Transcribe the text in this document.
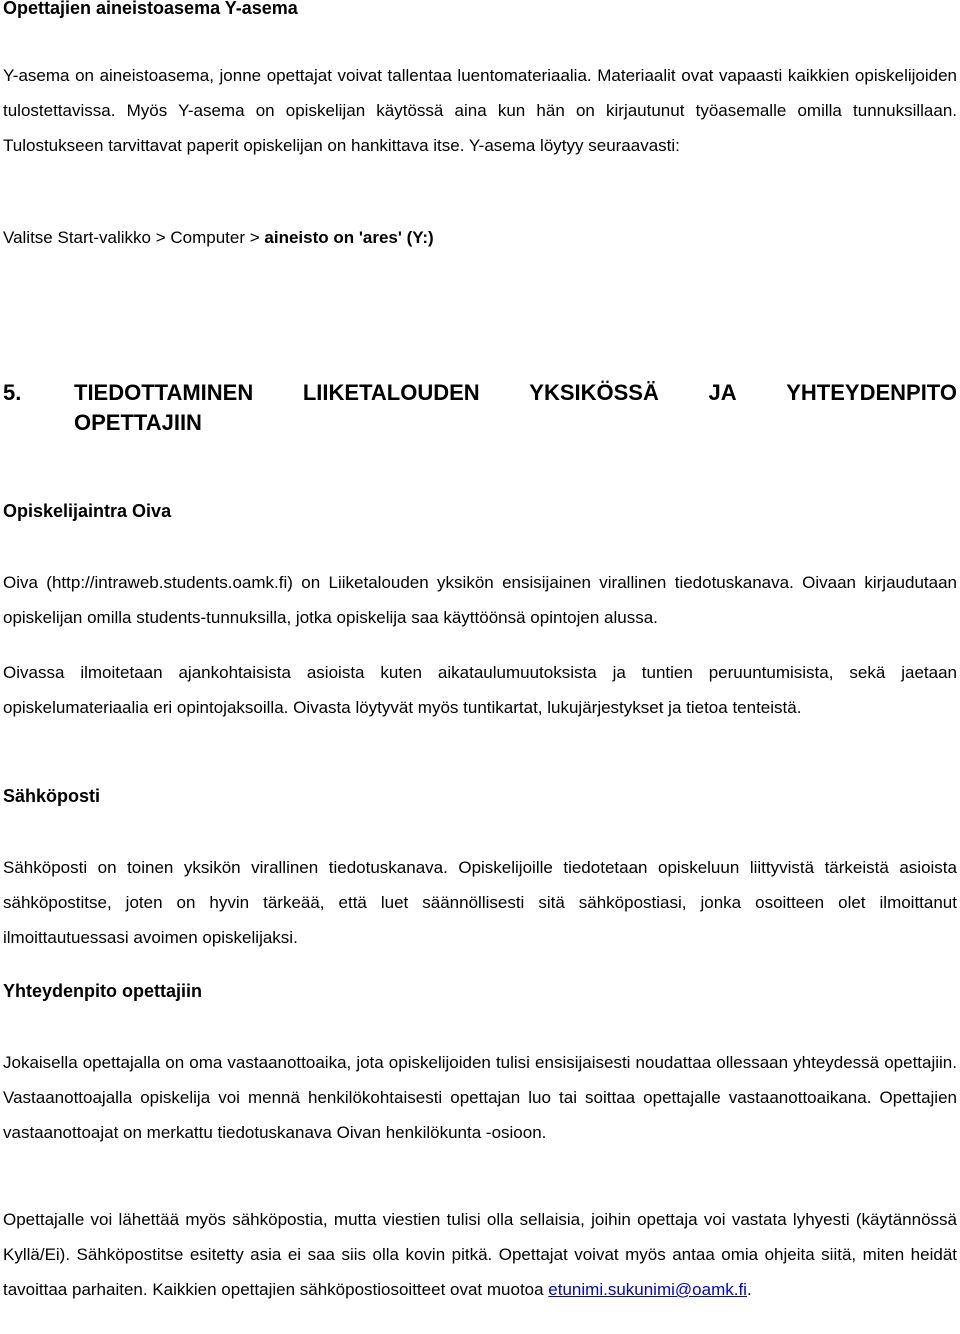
Opettajien aineistoasema Y-asema

Y-asema on aineistoasema, jonne opettajat voivat tallentaa luentomateriaalia. Materiaalit ovat vapaasti kaikkien opiskelijoiden tulostettavissa. Myös Y-asema on opiskelijan käytössä aina kun hän on kirjautunut työasemalle omilla tunnuksillaan. Tulostukseen tarvittavat paperit opiskelijan on hankittava itse. Y-asema löytyy seuraavasti:

Valitse Start-valikko > Computer > aineisto on 'ares' (Y:)

5. TIEDOTTAMINEN LIIKETALOUDEN YKSIKÖSSÄ JA YHTEYDENPITO
OPETTAJIIN
Opiskelijaintra Oiva

Oiva (http://intraweb.students.oamk.fi) on Liiketalouden yksikön ensisijainen virallinen tiedotuskanava. Oivaan kirjaudutaan opiskelijan omilla students-tunnuksilla, jotka opiskelija saa käyttöönsä opintojen alussa.

Oivassa ilmoitetaan ajankohtaisista asioista kuten aikataulumuutoksista ja tuntien peruuntumisista, sekä jaetaan opiskelumateriaalia eri opintojaksoilla. Oivasta löytyvät myös tuntikartat, lukujärjestykset ja tietoa tenteistä.

Sähköposti

Sähköposti on toinen yksikön virallinen tiedotuskanava. Opiskelijoille tiedotetaan opiskeluun liittyvistä tärkeistä asioista sähköpostitse, joten on hyvin tärkeää, että luet säännöllisesti sitä sähköpostiasi, jonka osoitteen olet ilmoittanut ilmoittautuessasi avoimen opiskelijaksi.

Yhteydenpito opettajiin

Jokaisella opettajalla on oma vastaanottoaika, jota opiskelijoiden tulisi ensisijaisesti noudattaa ollessaan yhteydessä opettajiin. Vastaanottoajalla opiskelija voi mennä henkilökohtaisesti opettajan luo tai soittaa opettajalle vastaanottoaikana. Opettajien vastaanottoajat on merkattu tiedotuskanava Oivan henkilökunta -osioon.

Opettajalle voi lähettää myös sähköpostia, mutta viestien tulisi olla sellaisia, joihin opettaja voi vastata lyhyesti (käytännössä Kyllä/Ei). Sähköpostitse esitetty asia ei saa siis olla kovin pitkä. Opettajat voivat myös antaa omia ohjeita siitä, miten heidät tavoittaa parhaiten. Kaikkien opettajien sähköpostiosoitteet ovat muotoa etunimi.sukunimi@oamk.fi.
